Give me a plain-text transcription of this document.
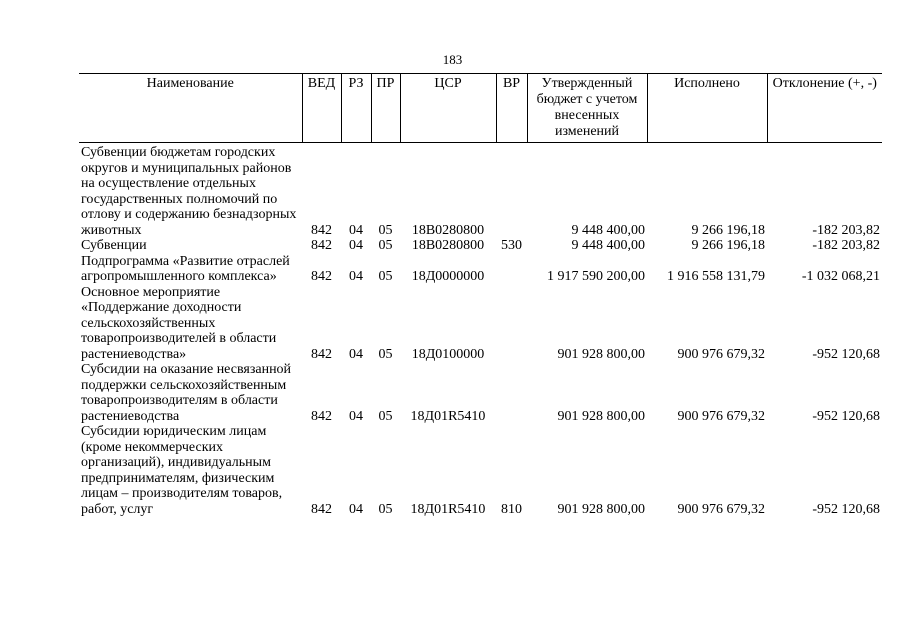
183
Наименование	ВЕД	РЗ	ПР	ЦСР	ВР	Утвержденный бюджет с учетом внесенных изменений	Исполнено	Отклонение (+, -)
Субвенции бюджетам городских округов и муниципальных районов на осуществление отдельных государственных полномочий по отлову и содержанию безнадзорных животных	842	04	05	18В0280800		9 448 400,00	9 266 196,18	-182 203,82
Субвенции	842	04	05	18В0280800	530	9 448 400,00	9 266 196,18	-182 203,82
Подпрограмма «Развитие отраслей агропромышленного комплекса»	842	04	05	18Д0000000		1 917 590 200,00	1 916 558 131,79	-1 032 068,21
Основное мероприятие «Поддержание доходности сельскохозяйственных товаропроизводителей в области растениеводства»	842	04	05	18Д0100000		901 928 800,00	900 976 679,32	-952 120,68
Субсидии на оказание несвязанной поддержки сельскохозяйственным товаропроизводителям в области растениеводства	842	04	05	18Д01R5410		901 928 800,00	900 976 679,32	-952 120,68
Субсидии юридическим лицам (кроме некоммерческих организаций), индивидуальным предпринимателям, физическим лицам – производителям товаров, работ, услуг	842	04	05	18Д01R5410	810	901 928 800,00	900 976 679,32	-952 120,68
